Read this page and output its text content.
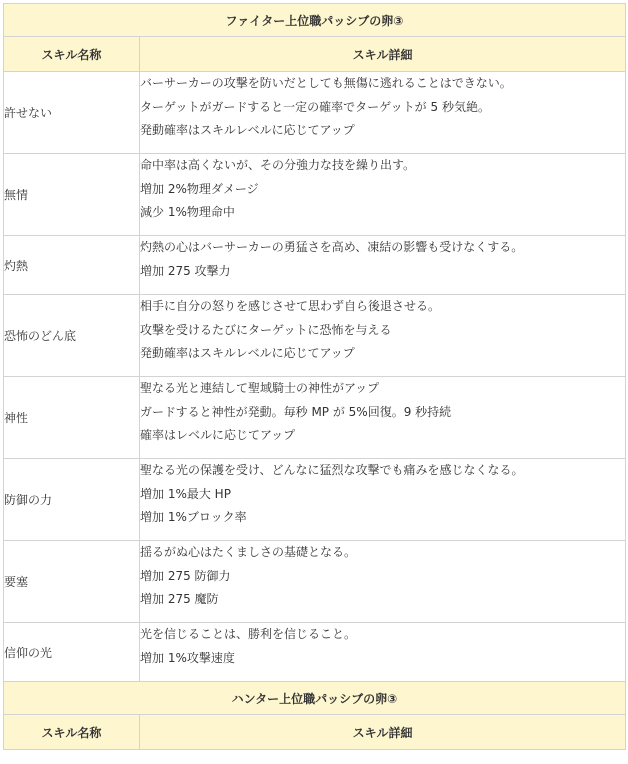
ファイター上位職パッシブの卵③	
スキル名称	スキル詳細
許せない	バーサーカーの攻撃を防いだとしても無傷に逃れることはできない。
ターゲットがガードすると一定の確率でターゲットが 5 秒気絶。
発動確率はスキルレベルに応じてアップ

無情	命中率は高くないが、その分強力な技を繰り出す。
増加 2%物理ダメージ
減少 1%物理命中

灼熱	灼熱の心はバーサーカーの勇猛さを高め、凍結の影響も受けなくする。
増加 275 攻撃力

恐怖のどん底	相手に自分の怒りを感じさせて思わず自ら後退させる。
攻撃を受けるたびにターゲットに恐怖を与える
発動確率はスキルレベルに応じてアップ

神性	聖なる光と連結して聖域騎士の神性がアップ
ガードすると神性が発動。毎秒 MP が 5%回復。9 秒持続
確率はレベルに応じてアップ

防御の力	聖なる光の保護を受け、どんなに猛烈な攻撃でも痛みを感じなくなる。
増加 1%最大 HP
増加 1%ブロック率

要塞	揺るがぬ心はたくましさの基礎となる。
増加 275 防御力
増加 275 魔防

信仰の光	光を信じることは、勝利を信じること。
増加 1%攻撃速度

ハンター上位職パッシブの卵③	
スキル名称	スキル詳細
